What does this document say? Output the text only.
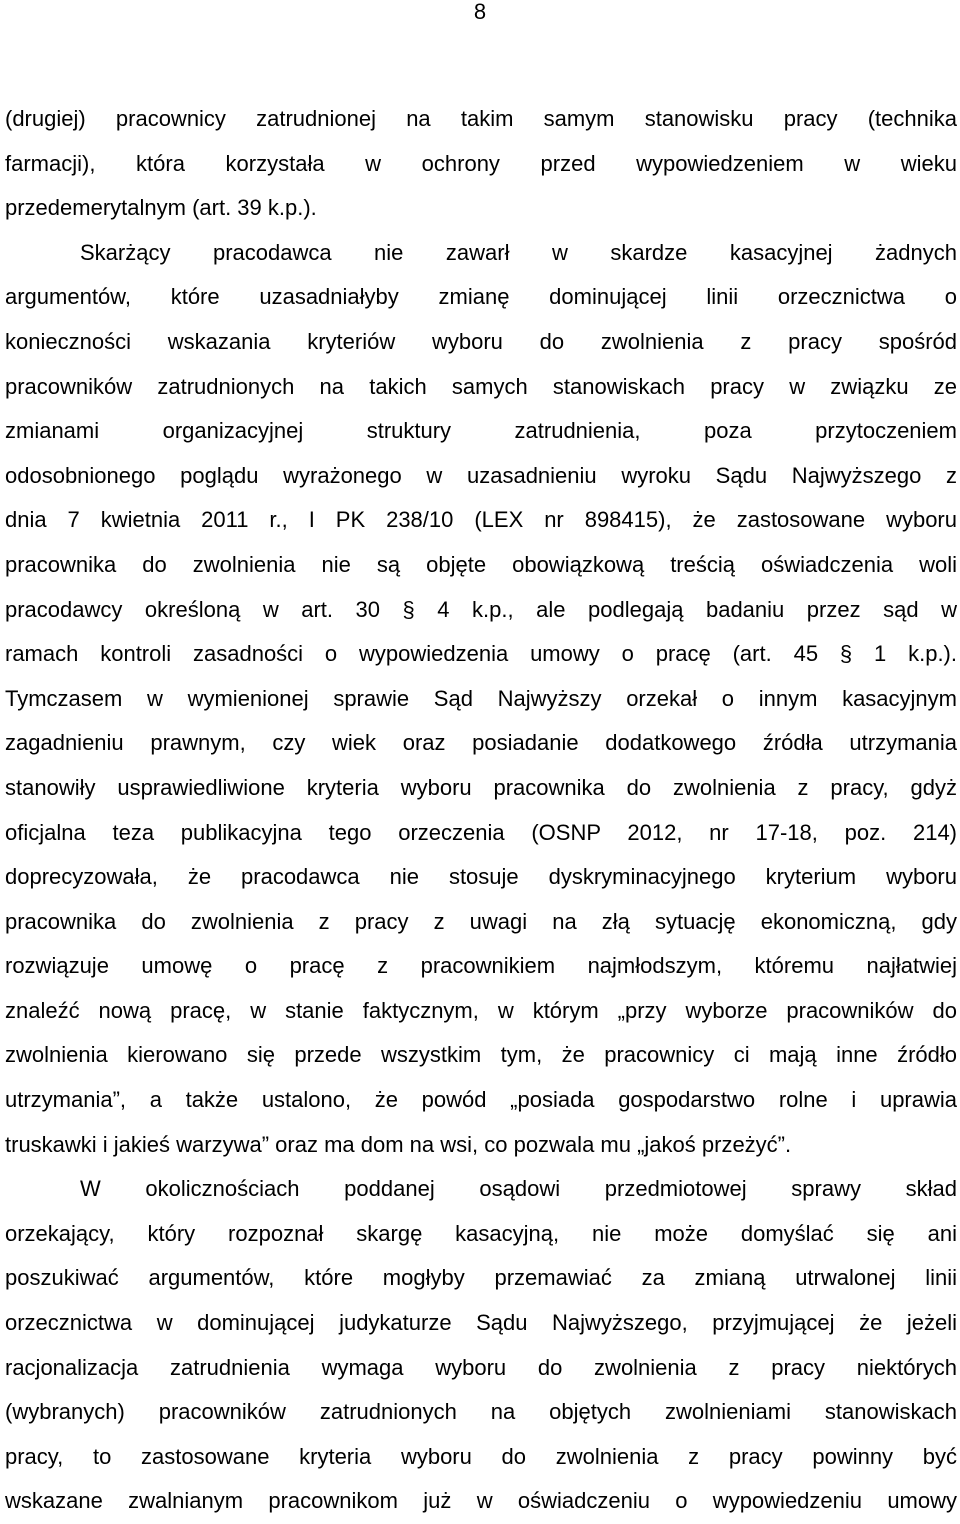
8
(drugiej) pracownicy zatrudnionej na takim samym stanowisku pracy (technika
farmacji), która korzystała w ochrony przed wypowiedzeniem w wieku
przedemerytalnym (art. 39 k.p.).
Skarżący pracodawca nie zawarł w skardze kasacyjnej żadnych
argumentów, które uzasadniałyby zmianę dominującej linii orzecznictwa o
konieczności wskazania kryteriów wyboru do zwolnienia z pracy spośród
pracowników zatrudnionych na takich samych stanowiskach pracy w związku ze
zmianami organizacyjnej struktury zatrudnienia, poza przytoczeniem
odosobnionego poglądu wyrażonego w uzasadnieniu wyroku Sądu Najwyższego z
dnia 7 kwietnia 2011 r., I PK 238/10 (LEX nr 898415), że zastosowane wyboru
pracownika do zwolnienia nie są objęte obowiązkową treścią oświadczenia woli
pracodawcy określoną w art. 30 § 4 k.p., ale podlegają badaniu przez sąd w
ramach kontroli zasadności o wypowiedzenia umowy o pracę (art. 45 § 1 k.p.).
Tymczasem w wymienionej sprawie Sąd Najwyższy orzekał o innym kasacyjnym
zagadnieniu prawnym, czy wiek oraz posiadanie dodatkowego źródła utrzymania
stanowiły usprawiedliwione kryteria wyboru pracownika do zwolnienia z pracy, gdyż
oficjalna teza publikacyjna tego orzeczenia (OSNP 2012, nr 17-18, poz. 214)
doprecyzowała, że pracodawca nie stosuje dyskryminacyjnego kryterium wyboru
pracownika do zwolnienia z pracy z uwagi na złą sytuację ekonomiczną, gdy
rozwiązuje umowę o pracę z pracownikiem najmłodszym, któremu najłatwiej
znaleźć nową pracę, w stanie faktycznym, w którym „przy wyborze pracowników do
zwolnienia kierowano się przede wszystkim tym, że pracownicy ci mają inne źródło
utrzymania”, a także ustalono, że powód „posiada gospodarstwo rolne i uprawia
truskawki i jakieś warzywa” oraz ma dom na wsi, co pozwala mu „jakoś przeżyć”.
W okolicznościach poddanej osądowi przedmiotowej sprawy skład
orzekający, który rozpoznał skargę kasacyjną, nie może domyślać się ani
poszukiwać argumentów, które mogłyby przemawiać za zmianą utrwalonej linii
orzecznictwa w dominującej judykaturze Sądu Najwyższego, przyjmującej że jeżeli
racjonalizacja zatrudnienia wymaga wyboru do zwolnienia z pracy niektórych
(wybranych) pracowników zatrudnionych na objętych zwolnieniami stanowiskach
pracy, to zastosowane kryteria wyboru do zwolnienia z pracy powinny być
wskazane zwalnianym pracownikom już w oświadczeniu o wypowiedzeniu umowy
